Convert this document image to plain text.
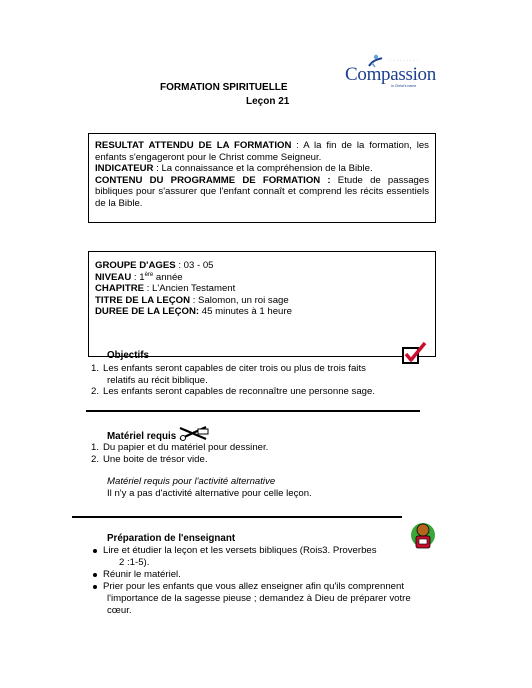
FORMATION SPIRITUELLE
Leçon 21
· · · · · · · · ·
Compassion
In Christ's name
RESULTAT ATTENDU DE LA FORMATION : A la fin de la formation, les enfants s'engageront pour le Christ comme Seigneur.
INDICATEUR : La connaissance et la compréhension de la Bible.
CONTENU DU PROGRAMME DE FORMATION : Etude de passages bibliques pour s'assurer que l'enfant connaît et comprend les récits essentiels de la Bible.
GROUPE D'AGES : 03 - 05
NIVEAU : 1ère année
CHAPITRE : L'Ancien Testament
TITRE DE LA LEÇON : Salomon, un roi sage
DUREE DE LA LEÇON: 45 minutes à 1 heure
Objectifs
1. Les enfants seront capables de citer trois ou plus de trois faits
relatifs au récit biblique.
2. Les enfants seront capables de reconnaître une personne sage.
Matériel requis
1. Du papier et du matériel pour dessiner.
2. Une boite de trésor vide.
Matériel requis pour l'activité alternative
Il n'y a pas d'activité alternative pour celle leçon.
Préparation de l'enseignant
Lire et étudier la leçon et les versets bibliques (Rois3. Proverbes
2 :1-5).
Réunir le matériel.
Prier pour les enfants que vous allez enseigner afin qu'ils comprennent
l'importance de la sagesse pieuse ; demandez à Dieu de préparer votre
cœur.
